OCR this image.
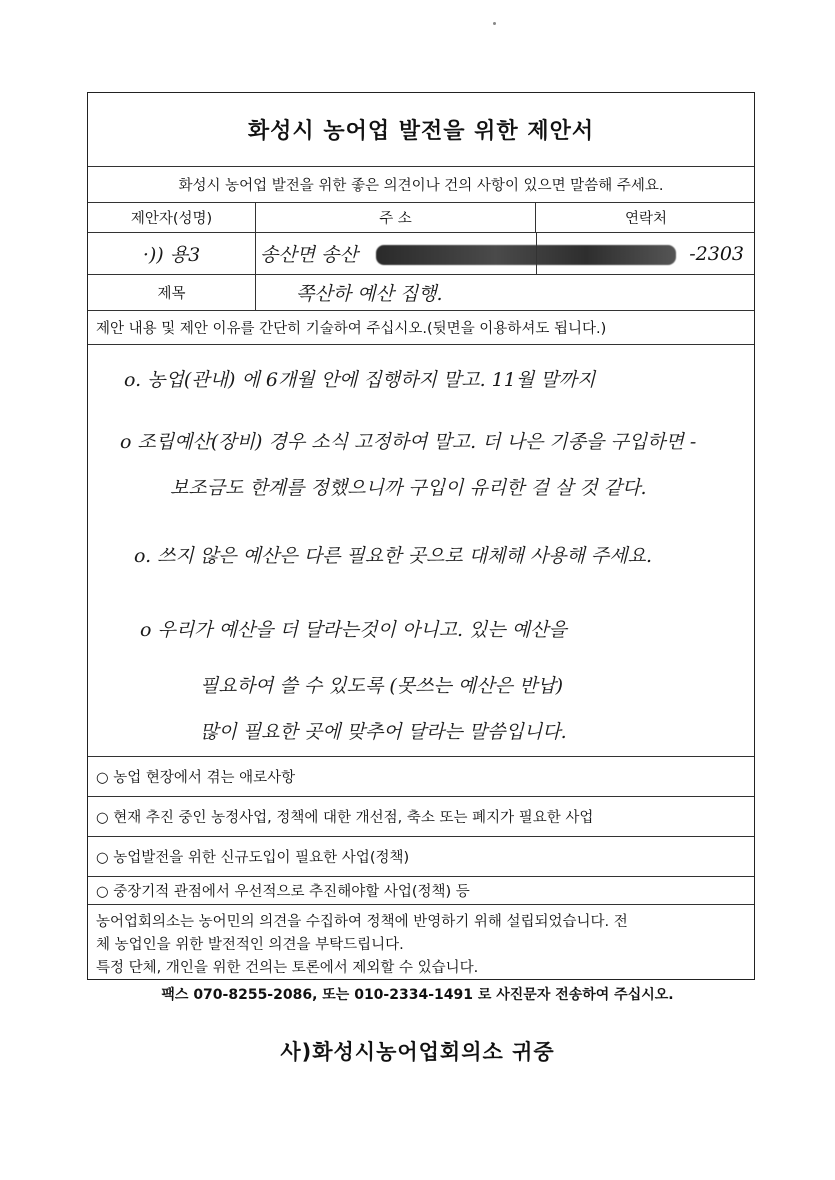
화성시 농어업 발전을 위한 제안서
화성시 농어업 발전을 위한 좋은 의견이나 건의 사항이 있으면 말씀해 주세요.
제안자(성명)	주 소	연락처
·)) 용3	송산면 송산	-2303
제목	쪽산하 예산 집행.
제안 내용 및 제안 이유를 간단히 기술하여 주십시오.(뒷면을 이용하셔도 됩니다.)
o. 농업(관내) 에 6개월 안에 집행하지 말고. 11월 말까지
o 조립예산(장비) 경우 소식 고정하여 말고. 더 나은 기종을 구입하면 -
보조금도 한계를 정했으니까 구입이 유리한 걸 살 것 같다.
o. 쓰지 않은 예산은 다른 필요한 곳으로 대체해 사용해 주세요.
o 우리가 예산을 더 달라는것이 아니고. 있는 예산을
필요하여 쓸 수 있도록 (못쓰는 예산은 반납)
많이 필요한 곳에 맞추어 달라는 말씀입니다.
○ 농업 현장에서 겪는 애로사항
○ 현재 추진 중인 농정사업, 정책에 대한 개선점, 축소 또는 폐지가 필요한 사업
○ 농업발전을 위한 신규도입이 필요한 사업(정책)
○ 중장기적 관점에서 우선적으로 추진해야할 사업(정책) 등

농어업회의소는 농어민의 의견을 수집하여 정책에 반영하기 위해 설립되었습니다. 전

체 농업인을 위한 발전적인 의견을 부탁드립니다.

특정 단체, 개인을 위한 건의는 토론에서 제외할 수 있습니다.

팩스 070-8255-2086, 또는 010-2334-1491 로 사진문자 전송하여 주십시오.
사)화성시농어업회의소 귀중
